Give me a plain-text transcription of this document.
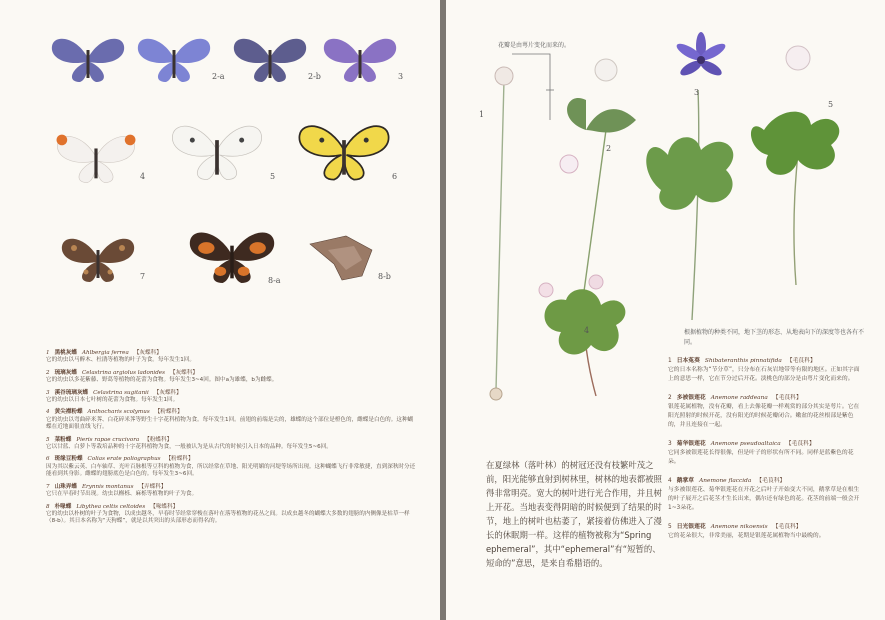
2-a	2-b	3
4	5	6
7	8-a	8-b
1 黑桃灰蝶 Ahlbergia ferrea 【灰蝶科】
它的幼虫以马醉木、杜鹃等植物的叶子为食。每年发生1回。
2 琉璃灰蝶 Celastrina argiolus ladonides 【灰蝶科】
它的幼虫以多花紫藤、野葛等植物的花蕾为食物。每年发生3~4回。图中a为雄蝶，b为雌蝶。
3 溪谷琉璃灰蝶 Celastrina sugitanii 【灰蝶科】
它的幼虫以日本七叶树的花蕾为食物。每年发生1回。
4 黄尖襟粉蝶 Anthocharis scolymus 【粉蝶科】
它的幼虫以弯曲碎米荠、白花碎米荠等野生十字花科植物为食。每年发生1回。前翅的前端是尖的，雄蝶的这个部位是橙色的，雌蝶是白色的。这种蝴蝶在近地面很直线飞行。
5 菜粉蝶 Pieris rapae crucivora 【粉蝶科】
它以甘蓝、白萝卜等栽培品种的十字花科植物为食，一般被认为是从古代的时候引入日本的品种。每年发生5~6回。
6 斑缘豆粉蝶 Colias erate poliographus 【粉蝶科】
因为其以紫云英、白车轴草、光叶百脉根等豆科的植物为食，所以经常在草地、阳光明媚的河堤等场所出现。这种蝴蝶飞行非常敏捷，直到深秋时分还能看到其身影。雌蝶的翅膀底色是白色的。每年发生3~6回。
7 山珠弄蝶 Erynnis montanus 【弄蝶科】
它只在早春时节出现。幼虫以槲栎、麻栎等植物的叶子为食。
8 朴喙蝶 Libythea celtis celtoides 【喙蝶科】
它的幼虫以朴树的叶子为食物，以成虫越冬，早春时节经常穿梭在落叶在落等植物的花丛之间。以成虫越冬的蝴蝶大多数的翅膀的内侧像是枯草一样（8-b）。其日本名称为“天狗蝶”，就是以其突出的头部形态而得名的。
花瓣是由萼片变化而来的。
1
2
3
4
5
在夏绿林（落叶林）的树冠还没有枝繁叶茂之前，阳光能够直射到树林里，树林的地表都被照得非常明亮。宽大的树叶进行光合作用，并且树上开花。当地表变得阴暗的时候便到了结果的时节，地上的树叶也枯萎了，紧接着仿佛进入了漫长的休眠期一样。这样的植物被称为“Spring ephemeral”，其中“ephemeral”有“短暂的、短命的”意思，是来自希腊语的。
根据植物的种类不同，地下茎的形态、从地表向下的深度等也各有不同。
1 日本菟葵 Shibateranthis pinnatifida 【毛茛科】
它的日本名称为“节分草”，只分布在石灰岩地带等有限的地区。正如其字面上的意思一样，它在节分过后开花。淡桃色的部分是由萼片变化而来的。
2 多被银莲花 Anemone raddeana 【毛茛科】
银莲花属植物，没有花瓣，看上去像花瓣一样观赏的部分其实是萼片。它在阳光照射的时候开花，没有阳光的时候花瓣闭合。嫩盆的花丝根部是紫色的，并且连接在一起。
3 菊华银莲花 Anemone pseudoaltaica 【毛茛科】
它同多被银莲花长得很像，但是叶子的形状有所不同。同样是蓝紫色的花朵。
4 鹅掌草 Anemone flaccida 【毛茛科】
与多被银莲花、菊华银莲花在开花之后叶子开始变大不同，鹅掌草是在根生的叶子展开之后花茎才生长出来，偶尔还有绿色的花。花茎的前端一般会开1~3朵花。
5 日光银莲花 Anemone nikoensis 【毛茛科】
它的花朵很大，非常美丽，花期是银莲花属植物当中最晚的。
